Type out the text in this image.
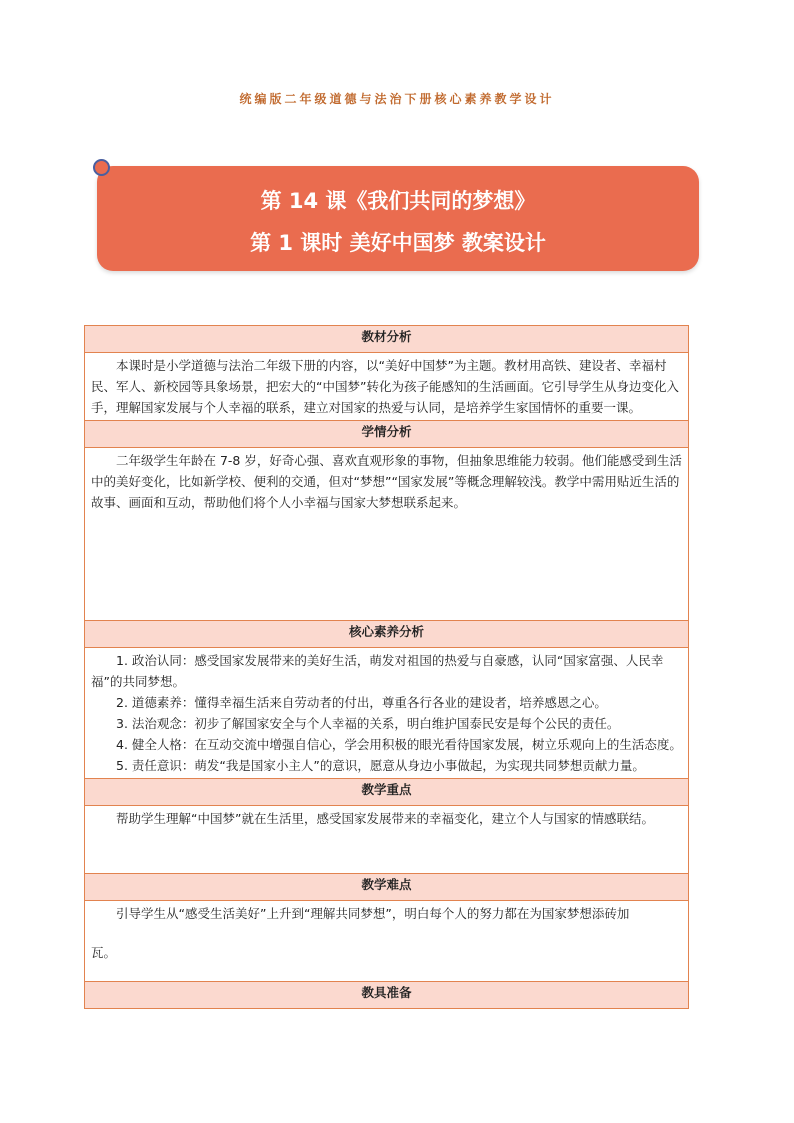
统编版二年级道德与法治下册核心素养教学设计
第 14 课《我们共同的梦想》
第 1 课时 美好中国梦 教案设计
教材分析

本课时是小学道德与法治二年级下册的内容，以“美好中国梦”为主题。教材用高铁、建设者、幸福村民、军人、新校园等具象场景，把宏大的“中国梦”转化为孩子能感知的生活画面。它引导学生从身边变化入手，理解国家发展与个人幸福的联系，建立对国家的热爱与认同，是培养学生家国情怀的重要一课。

学情分析

二年级学生年龄在 7-8 岁，好奇心强、喜欢直观形象的事物，但抽象思维能力较弱。他们能感受到生活中的美好变化，比如新学校、便利的交通，但对“梦想”“国家发展”等概念理解较浅。教学中需用贴近生活的故事、画面和互动，帮助他们将个人小幸福与国家大梦想联系起来。

核心素养分析

1. 政治认同：感受国家发展带来的美好生活，萌发对祖国的热爱与自豪感，认同“国家富强、人民幸福”的共同梦想。

2. 道德素养：懂得幸福生活来自劳动者的付出，尊重各行各业的建设者，培养感恩之心。

3. 法治观念：初步了解国家安全与个人幸福的关系，明白维护国泰民安是每个公民的责任。

4. 健全人格：在互动交流中增强自信心，学会用积极的眼光看待国家发展，树立乐观向上的生活态度。

5. 责任意识：萌发“我是国家小主人”的意识，愿意从身边小事做起，为实现共同梦想贡献力量。

教学重点

帮助学生理解“中国梦”就在生活里，感受国家发展带来的幸福变化，建立个人与国家的情感联结。

教学难点

引导学生从“感受生活美好”上升到“理解共同梦想”，明白每个人的努力都在为国家梦想添砖加

瓦。

教具准备
